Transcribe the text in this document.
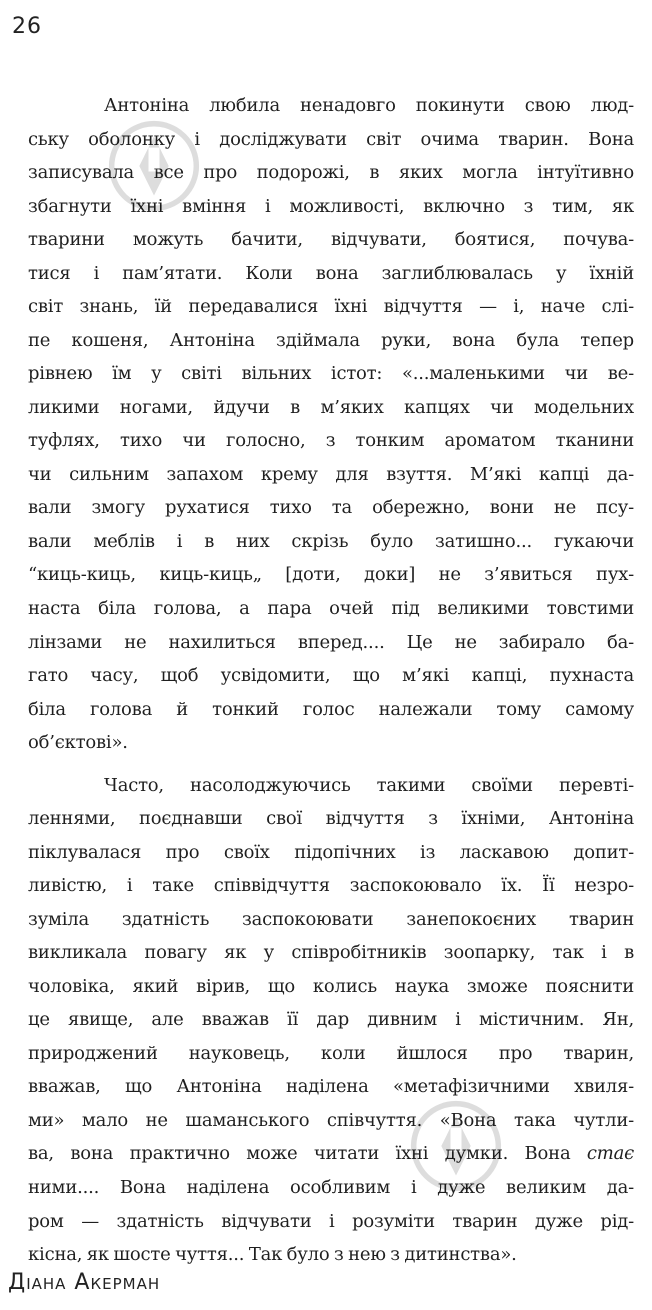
26
Антоніна любила ненадовго покинути свою люд-
ську оболонку і досліджувати світ очима тварин. Вона
записувала все про подорожі, в яких могла інтуїтивно
збагнути їхні вміння і можливості, включно з тим, як
тварини можуть бачити, відчувати, боятися, почува-
тися і пам’ятати. Коли вона заглиблювалась у їхній
світ знань, їй передавалися їхні відчуття — і, наче слі-
пе кошеня, Антоніна здіймала руки, вона була тепер
рівнею їм у світі вільних істот: «...маленькими чи ве-
ликими ногами, йдучи в м’яких капцях чи модельних
туфлях, тихо чи голосно, з тонким ароматом тканини
чи сильним запахом крему для взуття. М’які капці да-
вали змогу рухатися тихо та обережно, вони не псу-
вали меблів і в них скрізь було затишно... гукаючи
“киць-киць, киць-киць„ [доти, доки] не з’явиться пух-
наста біла голова, а пара очей під великими товстими
лінзами не нахилиться вперед.... Це не забирало ба-
гато часу, щоб усвідомити, що м’які капці, пухнаста
біла голова й тонкий голос належали тому самому
об’єктові».
Часто, насолоджуючись такими своїми перевті-
леннями, поєднавши свої відчуття з їхніми, Антоніна
піклувалася про своїх підопічних із ласкавою допит-
ливістю, і таке співвідчуття заспокоювало їх. Її незро-
зуміла здатність заспокоювати занепокоєних тварин
викликала повагу як у співробітників зоопарку, так і в
чоловіка, який вірив, що колись наука зможе пояснити
це явище, але вважав її дар дивним і містичним. Ян,
природжений науковець, коли йшлося про тварин,
вважав, що Антоніна наділена «метафізичними хвиля-
ми» мало не шаманського співчуття. «Вона така чутли-
ва, вона практично може читати їхні думки. Вона стає
ними.... Вона наділена особливим і дуже великим да-
ром — здатність відчувати і розуміти тварин дуже рід-
кісна, як шосте чуття... Так було з нею з дитинства».
Діана Акерман
